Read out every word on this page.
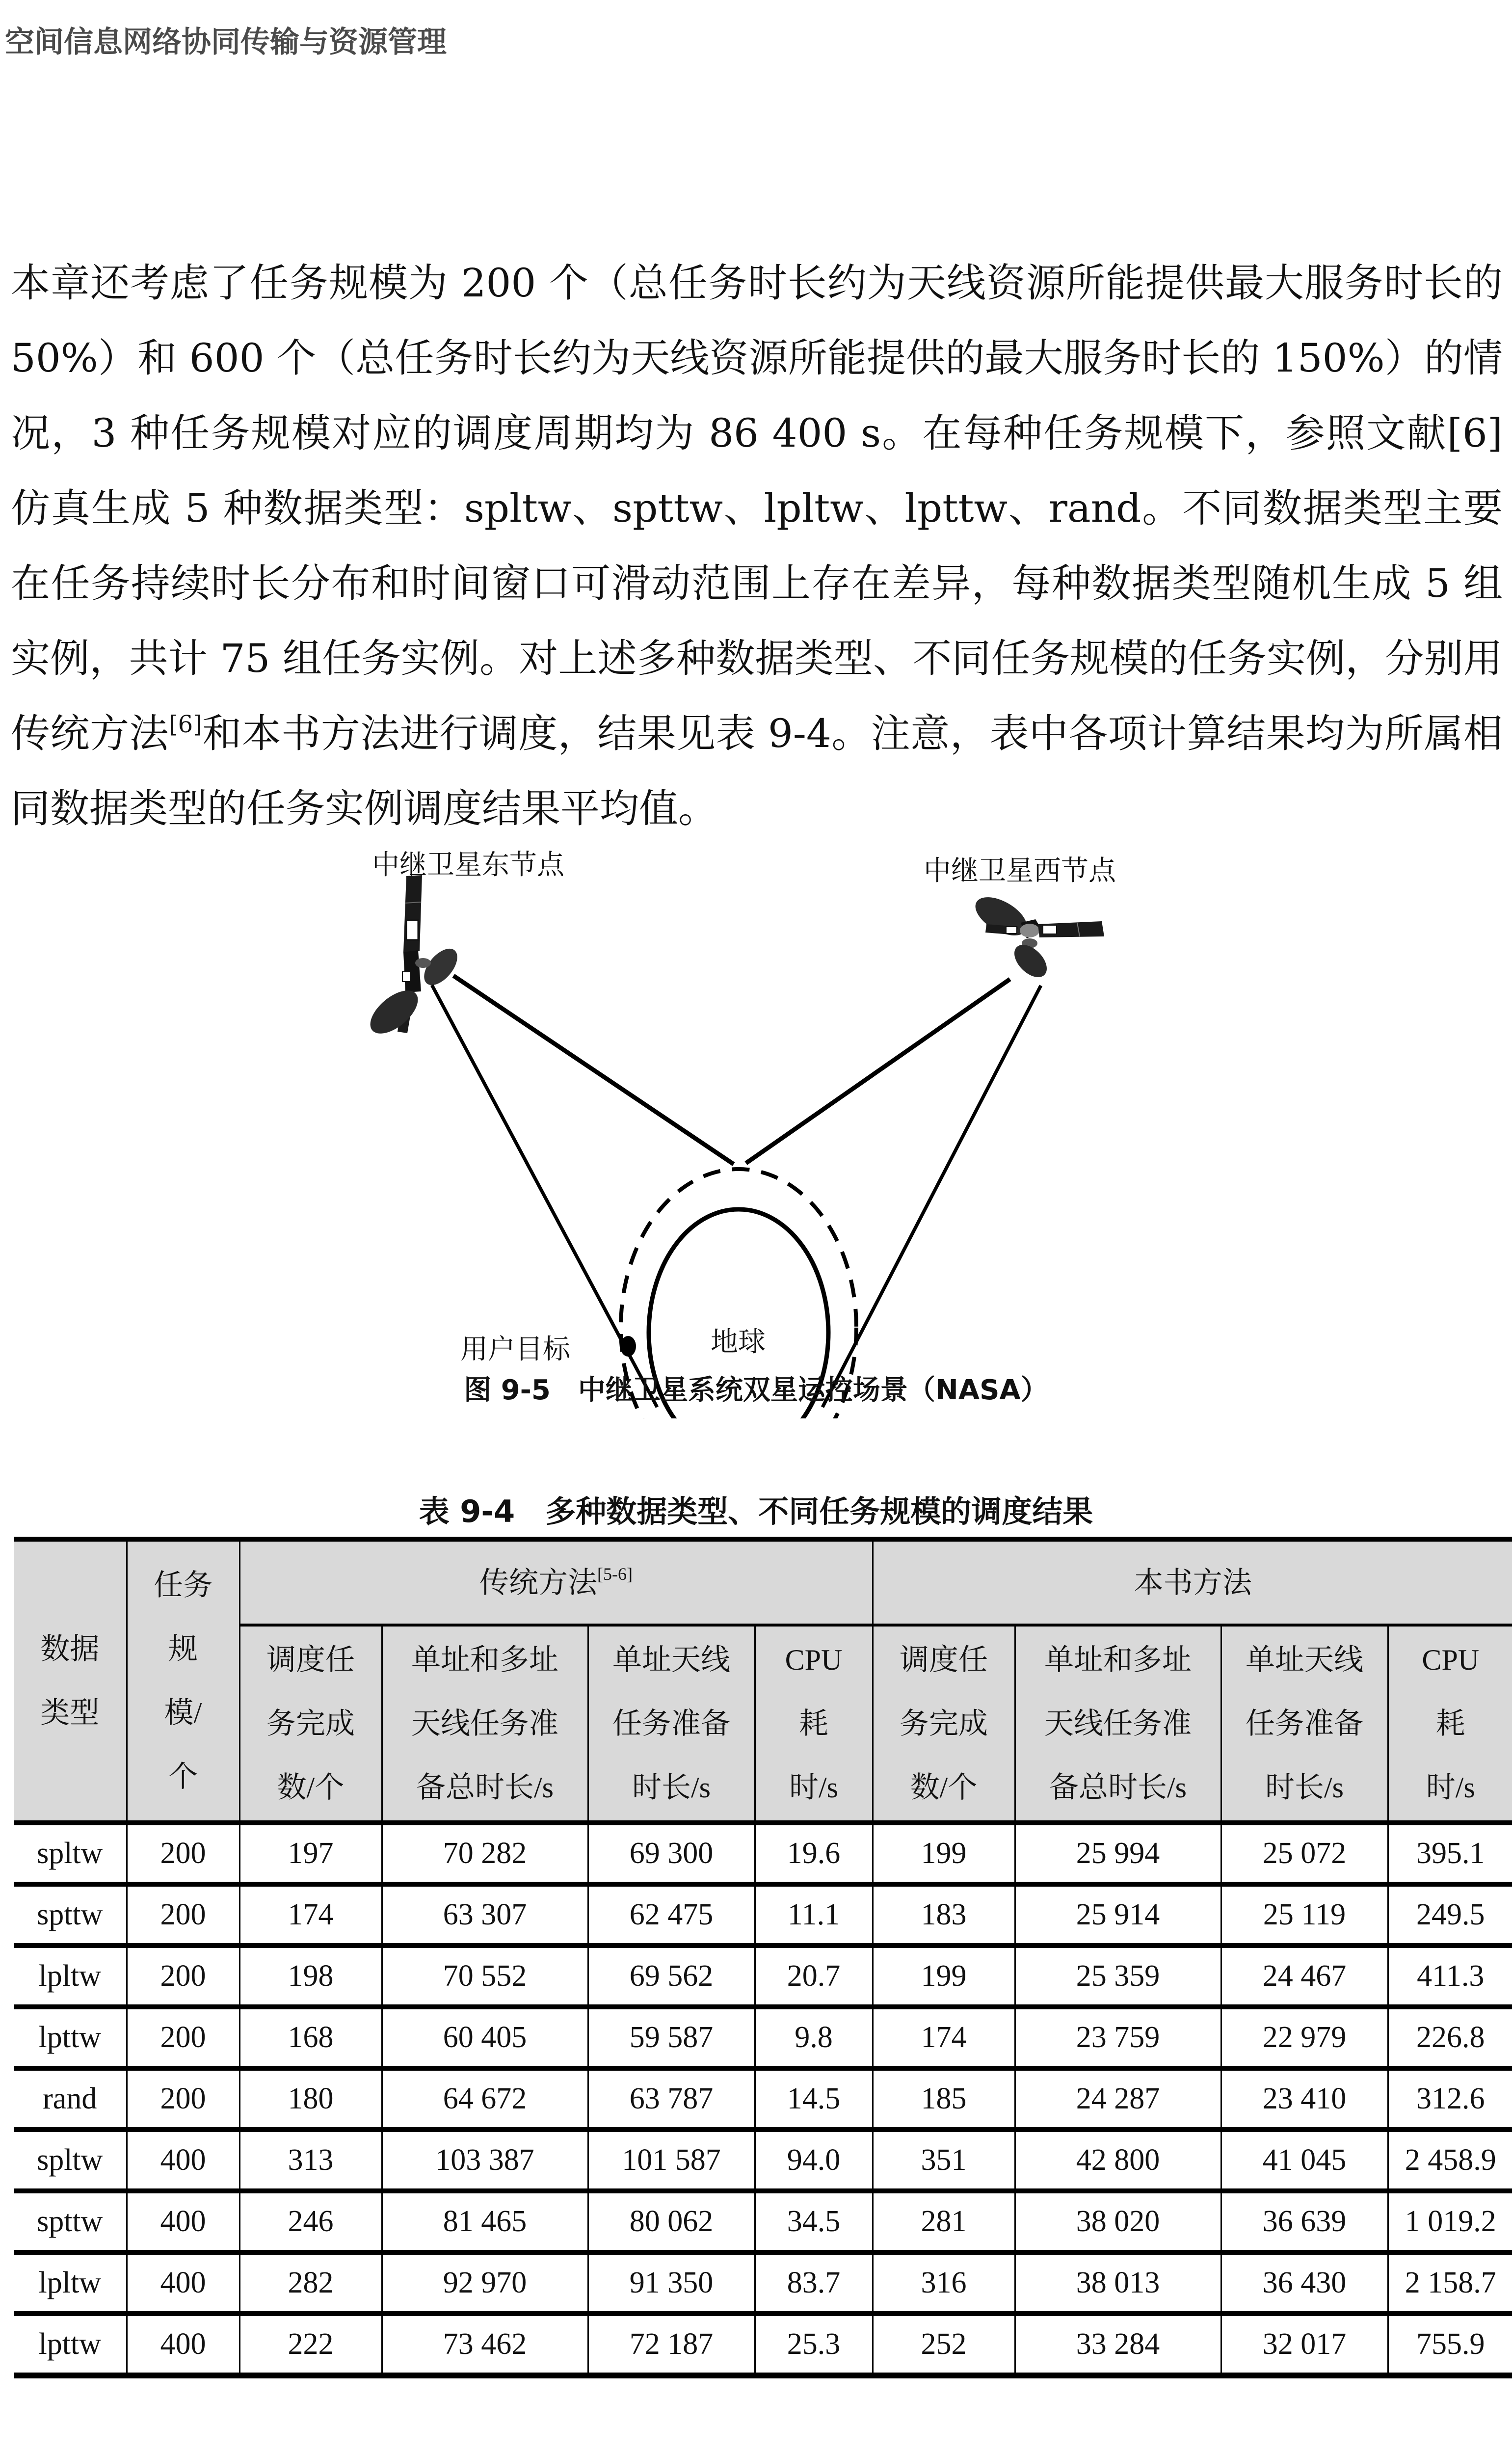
空间信息网络协同传输与资源管理

本章还考虑了任务规模为 200 个（总任务时长约为天线资源所能提供最大服务时长的 50%）和 600 个（总任务时长约为天线资源所能提供的最大服务时长的 150%）的情况，3 种任务规模对应的调度周期均为 86 400 s。在每种任务规模下，参照文献[6]仿真生成 5 种数据类型：spltw、spttw、lpltw、lpttw、rand。不同数据类型主要在任务持续时长分布和时间窗口可滑动范围上存在差异，每种数据类型随机生成 5 组实例，共计 75 组任务实例。对上述多种数据类型、不同任务规模的任务实例，分别用传统方法[6]和本书方法进行调度，结果见表 9-4。注意，表中各项计算结果均为所属相同数据类型的任务实例调度结果平均值。

中继卫星东节点	中继卫星西节点
用户目标	地球
图 9-5　中继卫星系统双星运控场景（NASA）
表 9-4　多种数据类型、不同任务规模的调度结果
数据类型	任务规模/个	传统方法[5-6]				本书方法			
		调度任务完成数/个	单址和多址天线任务准备总时长/s	单址天线任务准备时长/s	CPU 耗时/s	调度任务完成数/个	单址和多址天线任务准备总时长/s	单址天线任务准备时长/s	CPU 耗时/s
spltw	200	197	70 282	69 300	19.6	199	25 994	25 072	395.1
spttw	200	174	63 307	62 475	11.1	183	25 914	25 119	249.5
lpltw	200	198	70 552	69 562	20.7	199	25 359	24 467	411.3
lpttw	200	168	60 405	59 587	9.8	174	23 759	22 979	226.8
rand	200	180	64 672	63 787	14.5	185	24 287	23 410	312.6
spltw	400	313	103 387	101 587	94.0	351	42 800	41 045	2 458.9
spttw	400	246	81 465	80 062	34.5	281	38 020	36 639	1 019.2
lpltw	400	282	92 970	91 350	83.7	316	38 013	36 430	2 158.7
lpttw	400	222	73 462	72 187	25.3	252	33 284	32 017	755.9
